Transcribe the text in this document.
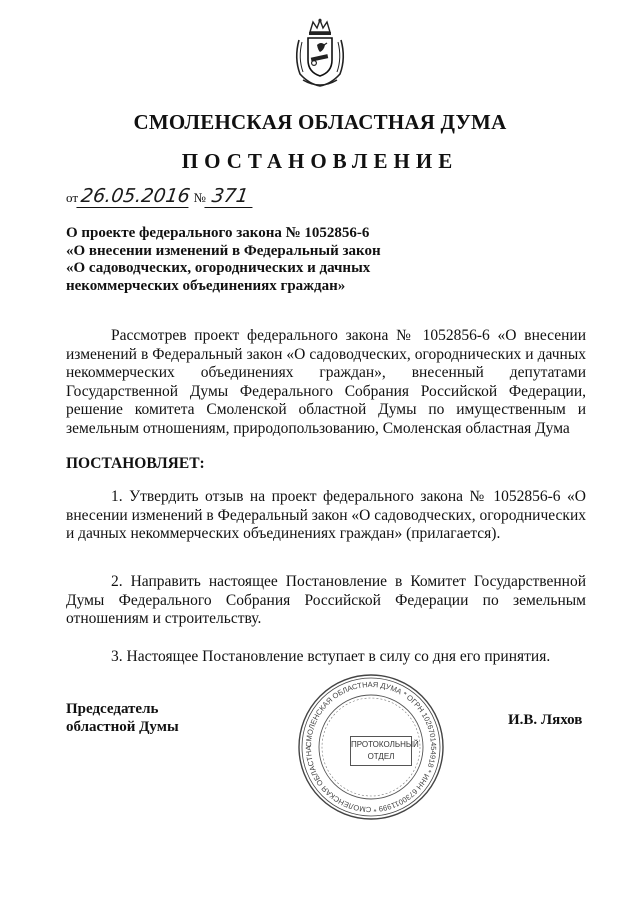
СМОЛЕНСКАЯ ОБЛАСТНАЯ ДУМА
ПОСТАНОВЛЕНИЕ
от26.05.2016 № 371
О проекте федерального закона № 1052856-6
«О внесении изменений в Федеральный закон
«О садоводческих, огороднических и дачных
некоммерческих объединениях граждан»
Рассмотрев проект федерального закона № 1052856-6 «О внесении изменений в Федеральный закон «О садоводческих, огороднических и дачных некоммерческих объединениях граждан», внесенный депутатами Государственной Думы Федерального Собрания Российской Федерации, решение комитета Смоленской областной Думы по имущественным и земельным отношениям, природопользованию, Смоленская областная Дума
ПОСТАНОВЛЯЕТ:
1. Утвердить отзыв на проект федерального закона № 1052856-6 «О внесении изменений в Федеральный закон «О садоводческих, огороднических и дачных некоммерческих объединениях граждан» (прилагается).
2. Направить настоящее Постановление в Комитет Государственной Думы Федерального Собрания Российской Федерации по земельным отношениям и строительству.
3. Настоящее Постановление вступает в силу со дня его принятия.
Председатель
областной Думы
СМОЛЕНСКАЯ ОБЛАСТНАЯ ДУМА * ОГРН 1026701454918 * ИНН 6730011999 * СМОЛЕНСКАЯ ОБЛАСТНА	ПРОТОКОЛЬНЫЙ
ОТДЕЛ
И.В. Ляхов
